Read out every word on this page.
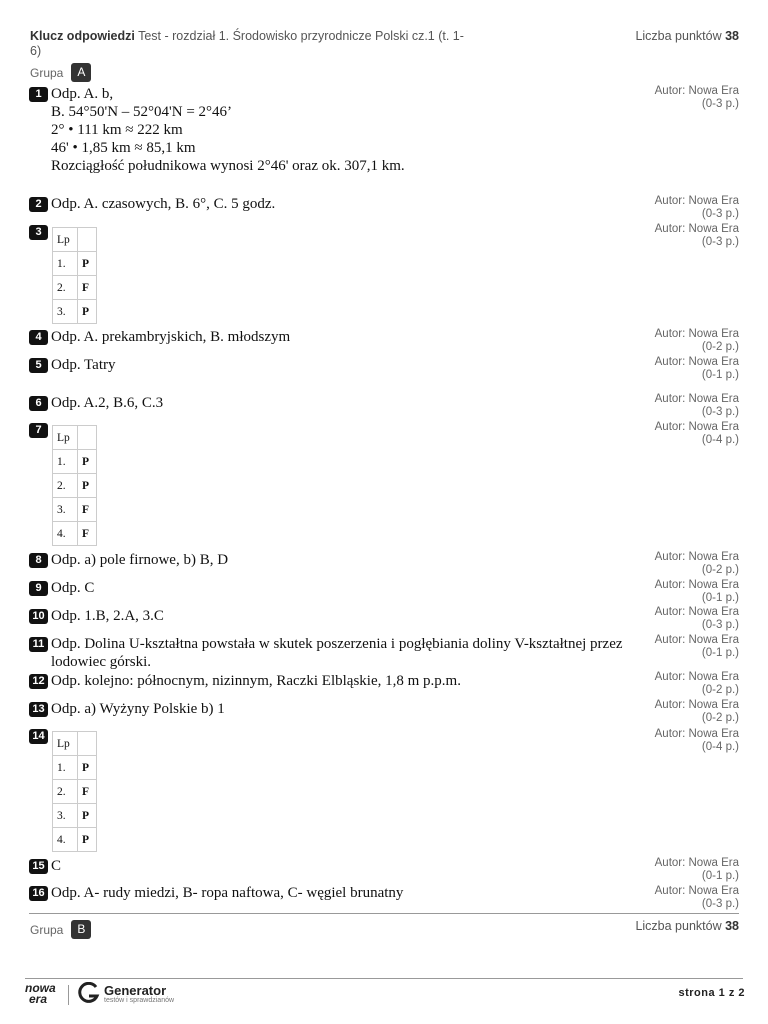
Klucz odpowiedzi Test - rozdział 1. Środowisko przyrodnicze Polski cz.1 (t. 1-6)
Liczba punktów 38
Grupa	A
1 Odp. A. b,
B. 54°50'N – 52°04'N = 2°46’
2° • 111 km ≈ 222 km
46' • 1,85 km ≈ 85,1 km
Rozciągłość południkowa wynosi 2°46' oraz ok. 307,1 km.
Autor: Nowa Era
(0-3 p.)
2 Odp. A. czasowych, B. 6°, C. 5 godz.	Autor: Nowa Era
(0-3 p.)
3
Lp	
1.	P
2.	F
3.	P
Autor: Nowa Era
(0-3 p.)
4 Odp. A. prekambryjskich, B. młodszym	Autor: Nowa Era
(0-2 p.)
5 Odp. Tatry	Autor: Nowa Era
(0-1 p.)
6 Odp. A.2, B.6, C.3	Autor: Nowa Era
(0-3 p.)
7
Lp	
1.	P
2.	P
3.	F
4.	F
Autor: Nowa Era
(0-4 p.)
8 Odp. a) pole firnowe, b) B, D	Autor: Nowa Era
(0-2 p.)
9 Odp. C	Autor: Nowa Era
(0-1 p.)
10 Odp. 1.B, 2.A, 3.C	Autor: Nowa Era
(0-3 p.)
11 Odp. Dolina U-kształtna powstała w skutek poszerzenia i pogłębiania doliny V-kształtnej przez lodowiec górski.
Autor: Nowa Era
(0-1 p.)
12 Odp. kolejno: północnym, nizinnym, Raczki Elbląskie, 1,8 m p.p.m.	Autor: Nowa Era
(0-2 p.)
13 Odp. a) Wyżyny Polskie b) 1	Autor: Nowa Era
(0-2 p.)
14
Lp	
1.	P
2.	F
3.	P
4.	P
Autor: Nowa Era
(0-4 p.)
15 C	Autor: Nowa Era
(0-1 p.)
16 Odp. A- rudy miedzi, B- ropa naftowa, C- węgiel brunatny	Autor: Nowa Era
(0-3 p.)
Grupa	B	Liczba punktów 38
nowa
era
Generator
testów i sprawdzianów
strona 1 z 2
